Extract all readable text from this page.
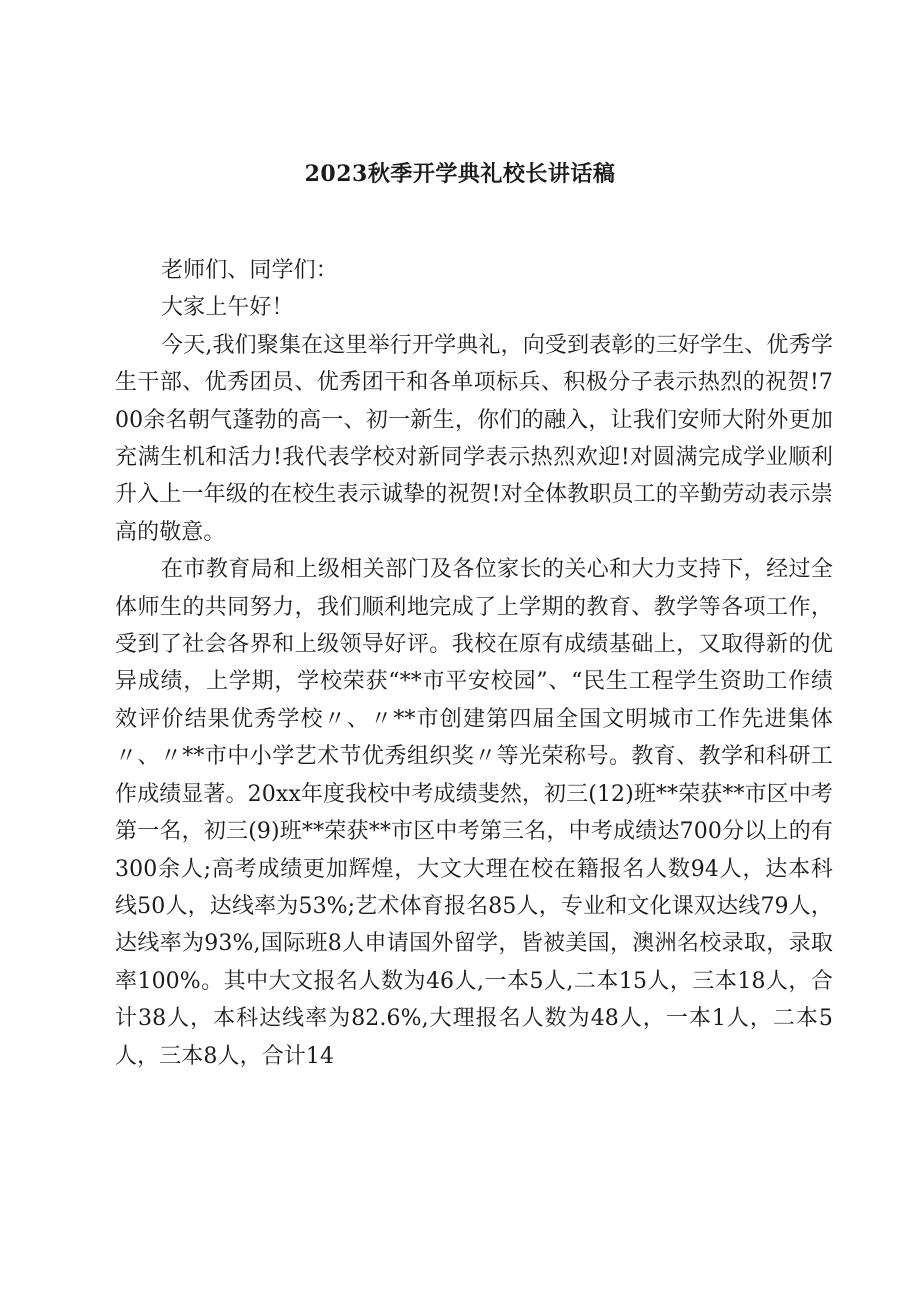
2023秋季开学典礼校长讲话稿

老师们、同学们：

大家上午好！

今天,我们聚集在这里举行开学典礼，向受到表彰的三好学生、优秀学生干部、优秀团员、优秀团干和各单项标兵、积极分子表示热烈的祝贺!700余名朝气蓬勃的高一、初一新生，你们的融入，让我们安师大附外更加充满生机和活力!我代表学校对新同学表示热烈欢迎!对圆满完成学业顺利升入上一年级的在校生表示诚挚的祝贺!对全体教职员工的辛勤劳动表示崇高的敬意。

在市教育局和上级相关部门及各位家长的关心和大力支持下，经过全体师生的共同努力，我们顺利地完成了上学期的教育、教学等各项工作，受到了社会各界和上级领导好评。我校在原有成绩基础上，又取得新的优异成绩，上学期，学校荣获“**市平安校园”、“民生工程学生资助工作绩效评价结果优秀学校〃、〃**市创建第四届全国文明城市工作先进集体〃、〃**市中小学艺术节优秀组织奖〃等光荣称号。教育、教学和科研工作成绩显著。20xx年度我校中考成绩斐然，初三(12)班**荣获**市区中考第一名，初三(9)班**荣获**市区中考第三名，中考成绩达700分以上的有300余人;高考成绩更加辉煌，大文大理在校在籍报名人数94人，达本科线50人，达线率为53%;艺术体育报名85人，专业和文化课双达线79人，达线率为93%,国际班8人申请国外留学，皆被美国，澳洲名校录取，录取率100%。其中大文报名人数为46人,一本5人,二本15人，三本18人，合计38人，本科达线率为82.6%,大理报名人数为48人，一本1人，二本5人，三本8人，合计14
